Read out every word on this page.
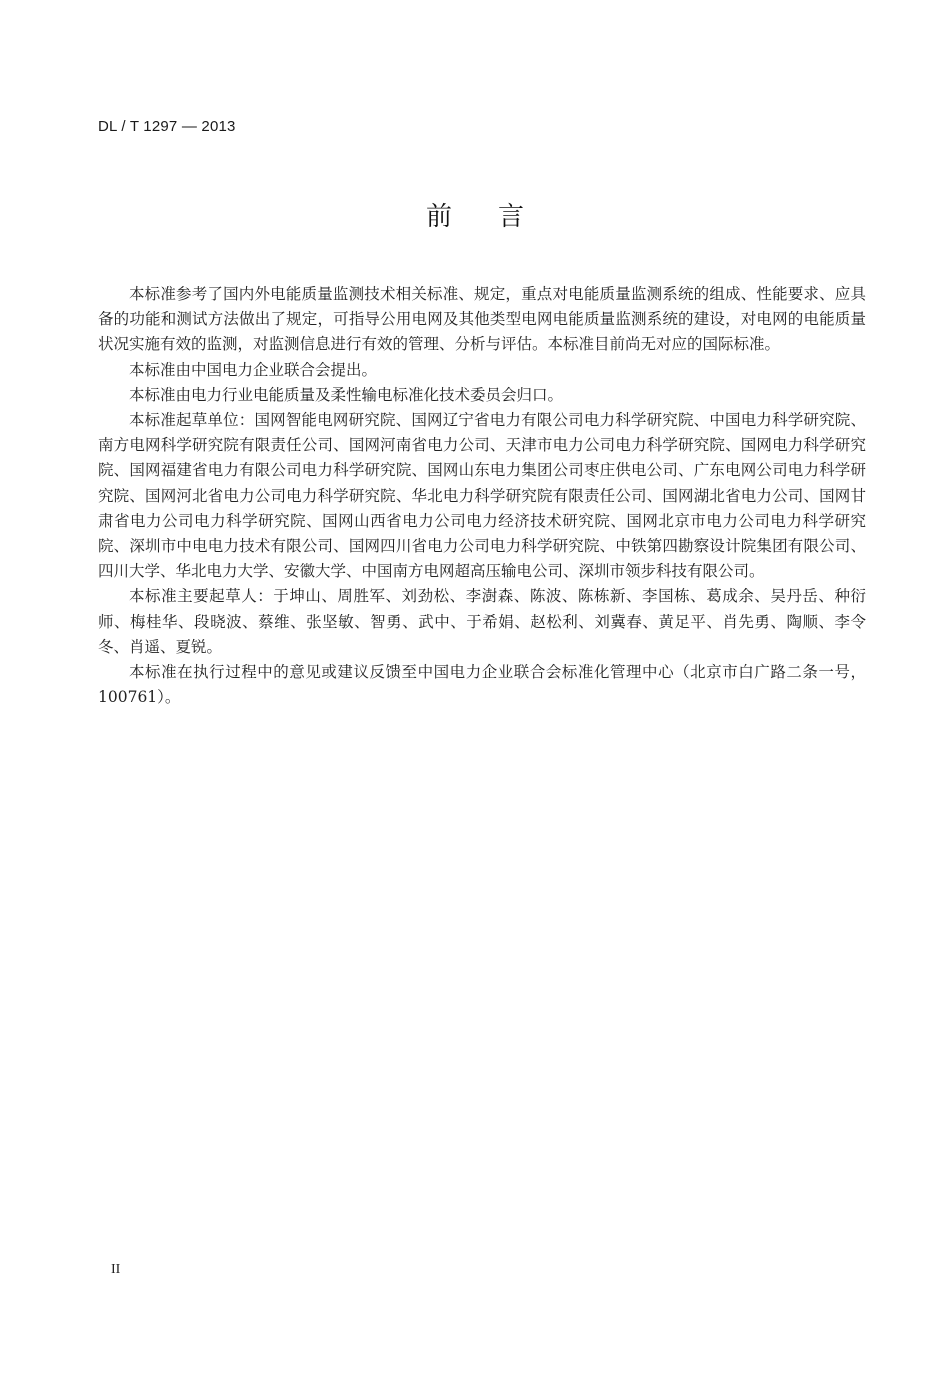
DL / T 1297 — 2013
前言

本标准参考了国内外电能质量监测技术相关标准、规定，重点对电能质量监测系统的组成、性能要求、应具备的功能和测试方法做出了规定，可指导公用电网及其他类型电网电能质量监测系统的建设，对电网的电能质量状况实施有效的监测，对监测信息进行有效的管理、分析与评估。本标准目前尚无对应的国际标准。

本标准由中国电力企业联合会提出。

本标准由电力行业电能质量及柔性输电标准化技术委员会归口。

本标准起草单位：国网智能电网研究院、国网辽宁省电力有限公司电力科学研究院、中国电力科学研究院、南方电网科学研究院有限责任公司、国网河南省电力公司、天津市电力公司电力科学研究院、国网电力科学研究院、国网福建省电力有限公司电力科学研究院、国网山东电力集团公司枣庄供电公司、广东电网公司电力科学研究院、国网河北省电力公司电力科学研究院、华北电力科学研究院有限责任公司、国网湖北省电力公司、国网甘肃省电力公司电力科学研究院、国网山西省电力公司电力经济技术研究院、国网北京市电力公司电力科学研究院、深圳市中电电力技术有限公司、国网四川省电力公司电力科学研究院、中铁第四勘察设计院集团有限公司、四川大学、华北电力大学、安徽大学、中国南方电网超高压输电公司、深圳市领步科技有限公司。

本标准主要起草人：于坤山、周胜军、刘劲松、李澍森、陈波、陈栋新、李国栋、葛成余、吴丹岳、种衍师、梅桂华、段晓波、蔡维、张坚敏、智勇、武中、于希娟、赵松利、刘冀春、黄足平、肖先勇、陶顺、李令冬、肖遥、夏锐。

本标准在执行过程中的意见或建议反馈至中国电力企业联合会标准化管理中心（北京市白广路二条一号，100761）。

II
